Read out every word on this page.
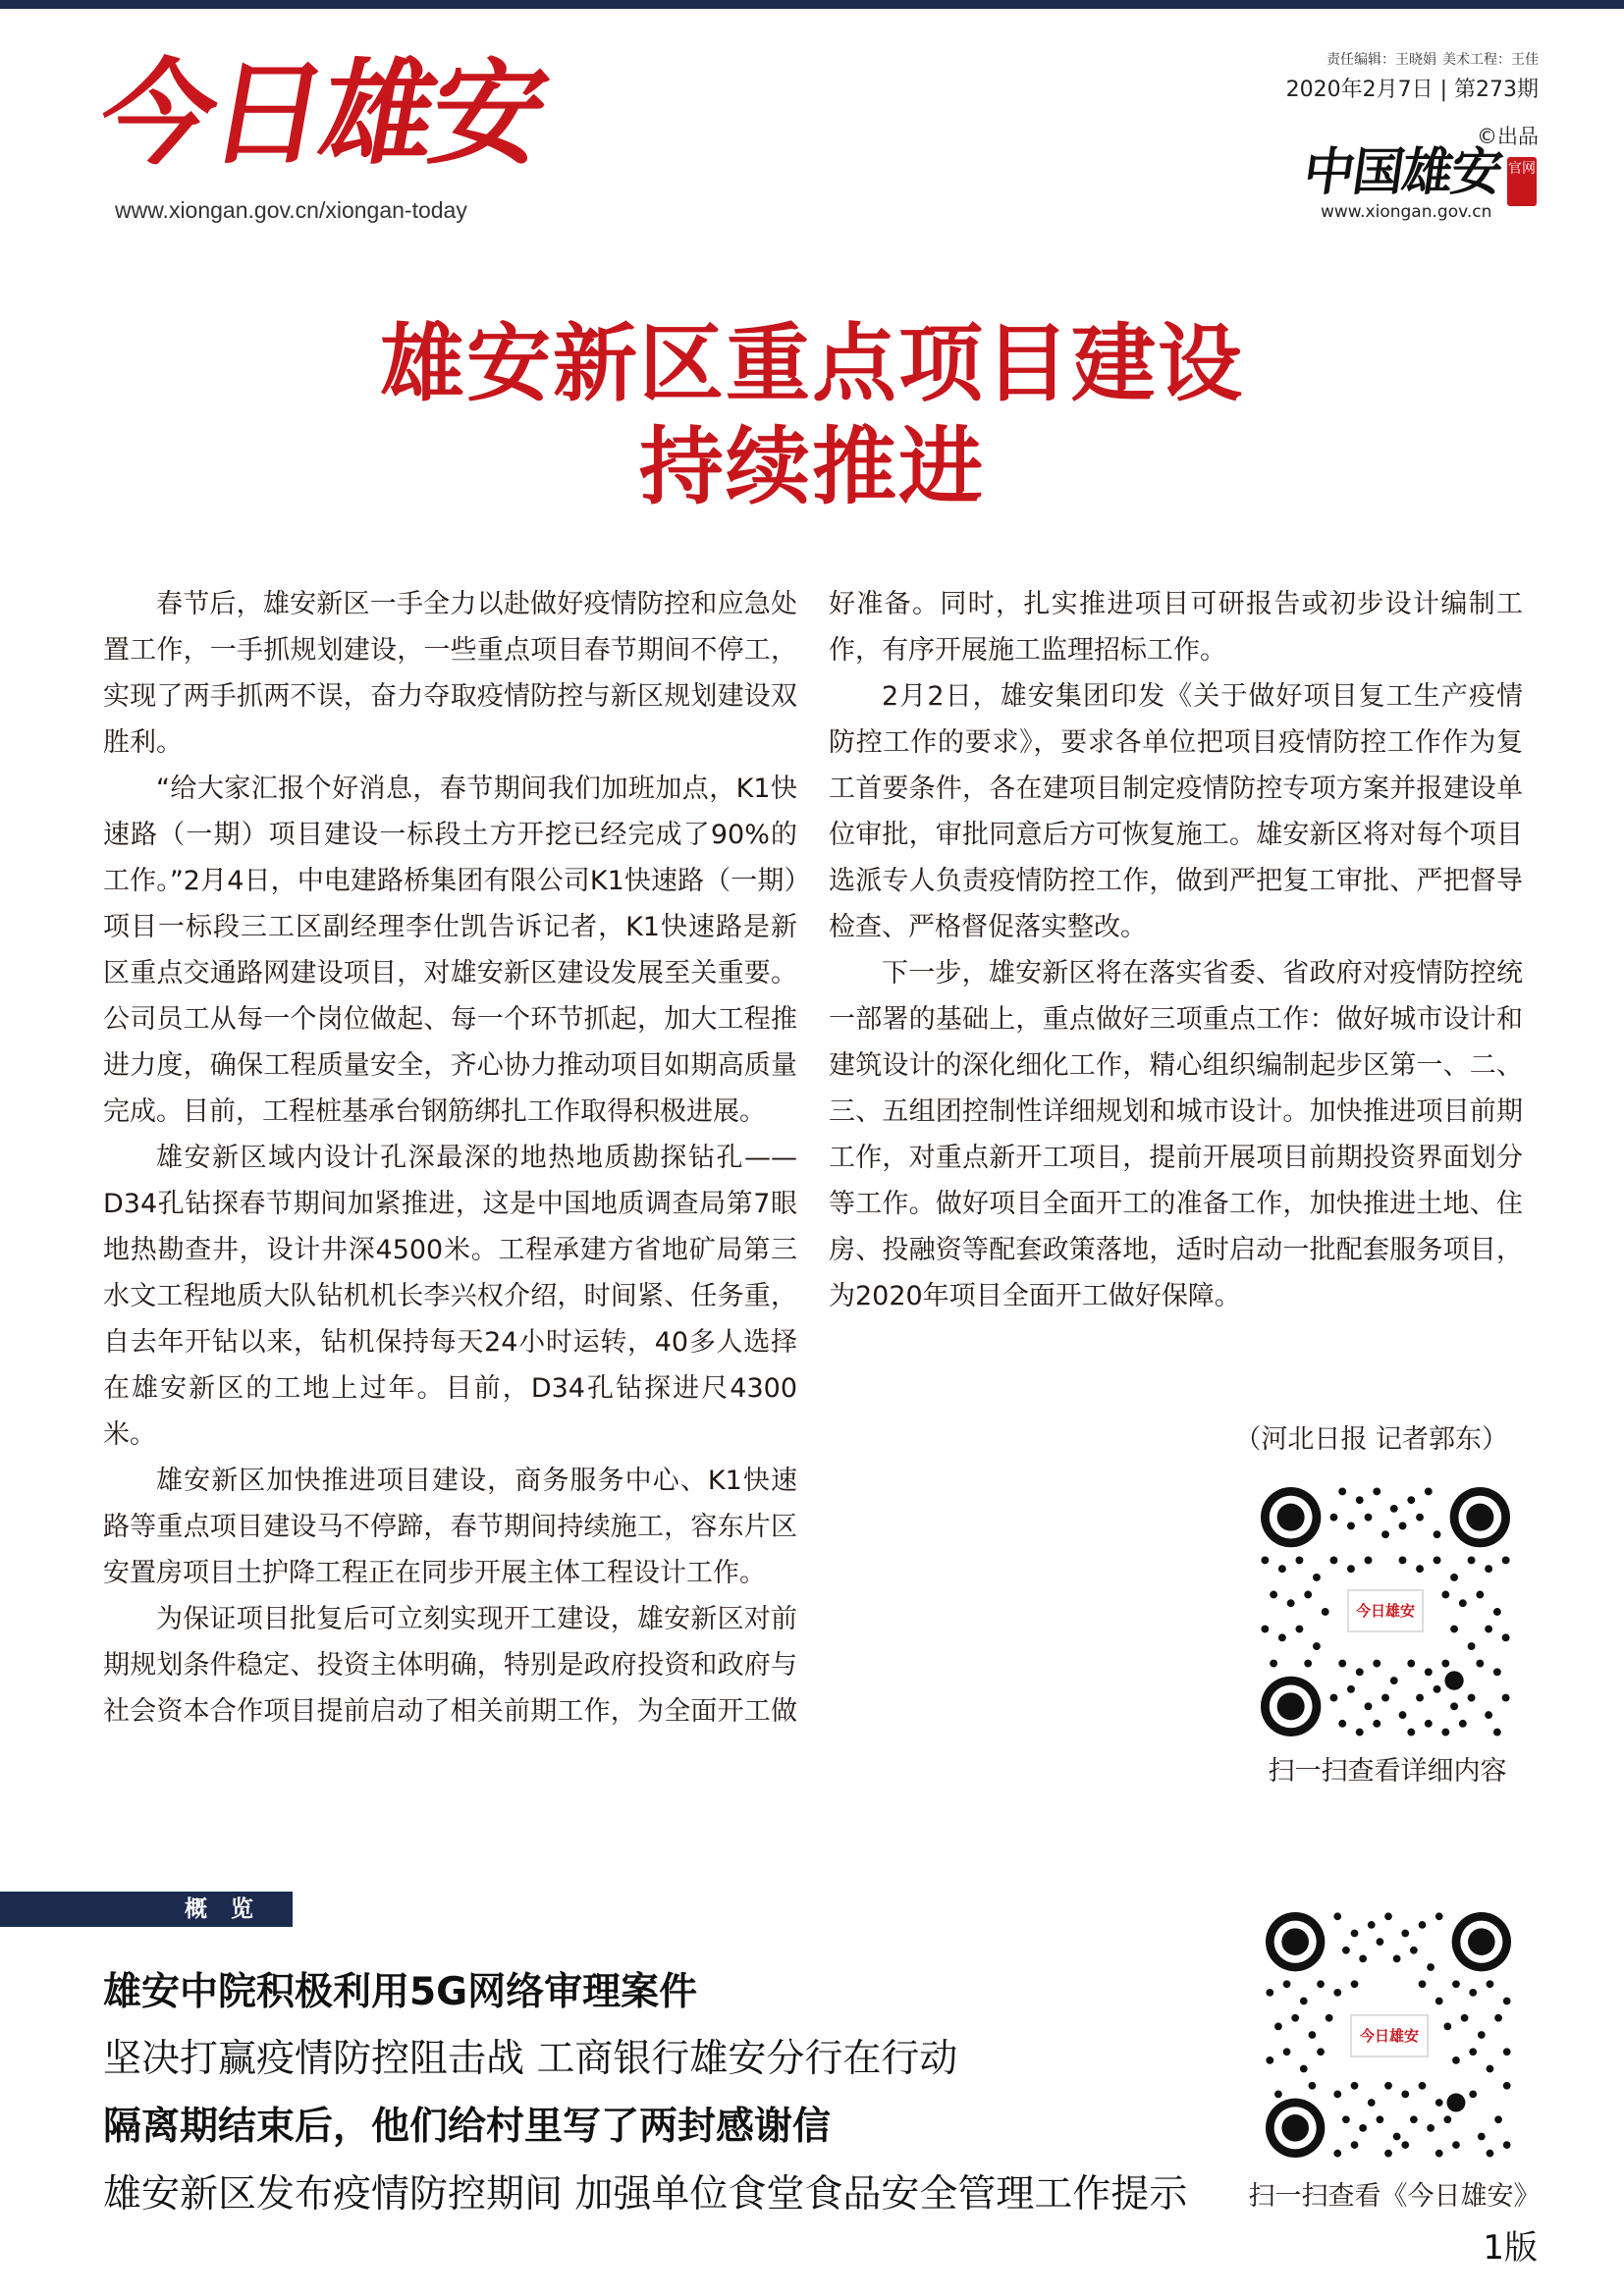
今日雄安
www.xiongan.gov.cn/xiongan-today
责任编辑：王晓娟 美术工程：王佳
2020年2月7日 | 第273期
©出品
中国雄安 官网
www.xiongan.gov.cn
雄安新区重点项目建设
持续推进

春节后，雄安新区一手全力以赴做好疫情防控和应急处置工作，一手抓规划建设，一些重点项目春节期间不停工，实现了两手抓两不误，奋力夺取疫情防控与新区规划建设双胜利。

“给大家汇报个好消息，春节期间我们加班加点，K1快速路（一期）项目建设一标段土方开挖已经完成了90%的工作。”2月4日，中电建路桥集团有限公司K1快速路（一期）项目一标段三工区副经理李仕凯告诉记者，K1快速路是新区重点交通路网建设项目，对雄安新区建设发展至关重要。公司员工从每一个岗位做起、每一个环节抓起，加大工程推进力度，确保工程质量安全，齐心协力推动项目如期高质量完成。目前，工程桩基承台钢筋绑扎工作取得积极进展。

雄安新区域内设计孔深最深的地热地质勘探钻孔——D34孔钻探春节期间加紧推进，这是中国地质调查局第7眼地热勘查井，设计井深4500米。工程承建方省地矿局第三水文工程地质大队钻机机长李兴权介绍，时间紧、任务重，自去年开钻以来，钻机保持每天24小时运转，40多人选择在雄安新区的工地上过年。目前，D34孔钻探进尺4300米。

雄安新区加快推进项目建设，商务服务中心、K1快速路等重点项目建设马不停蹄，春节期间持续施工，容东片区安置房项目土护降工程正在同步开展主体工程设计工作。

为保证项目批复后可立刻实现开工建设，雄安新区对前期规划条件稳定、投资主体明确，特别是政府投资和政府与社会资本合作项目提前启动了相关前期工作，为全面开工做好准备。同时，扎实推进项目可研报告或初步设计编制工作，有序开展施工监理招标工作。

2月2日，雄安集团印发《关于做好项目复工生产疫情防控工作的要求》，要求各单位把项目疫情防控工作作为复工首要条件，各在建项目制定疫情防控专项方案并报建设单位审批，审批同意后方可恢复施工。雄安新区将对每个项目选派专人负责疫情防控工作，做到严把复工审批、严把督导检查、严格督促落实整改。

下一步，雄安新区将在落实省委、省政府对疫情防控统一部署的基础上，重点做好三项重点工作：做好城市设计和建筑设计的深化细化工作，精心组织编制起步区第一、二、三、五组团控制性详细规划和城市设计。加快推进项目前期工作，对重点新开工项目，提前开展项目前期投资界面划分等工作。做好项目全面开工的准备工作，加快推进土地、住房、投融资等配套政策落地，适时启动一批配套服务项目，为2020年项目全面开工做好保障。

（河北日报 记者郭东）
今日雄安
扫一扫查看详细内容
概 览
雄安中院积极利用5G网络审理案件
坚决打赢疫情防控阻击战 工商银行雄安分行在行动
隔离期结束后，他们给村里写了两封感谢信
雄安新区发布疫情防控期间 加强单位食堂食品安全管理工作提示
今日雄安
扫一扫查看《今日雄安》
1版
